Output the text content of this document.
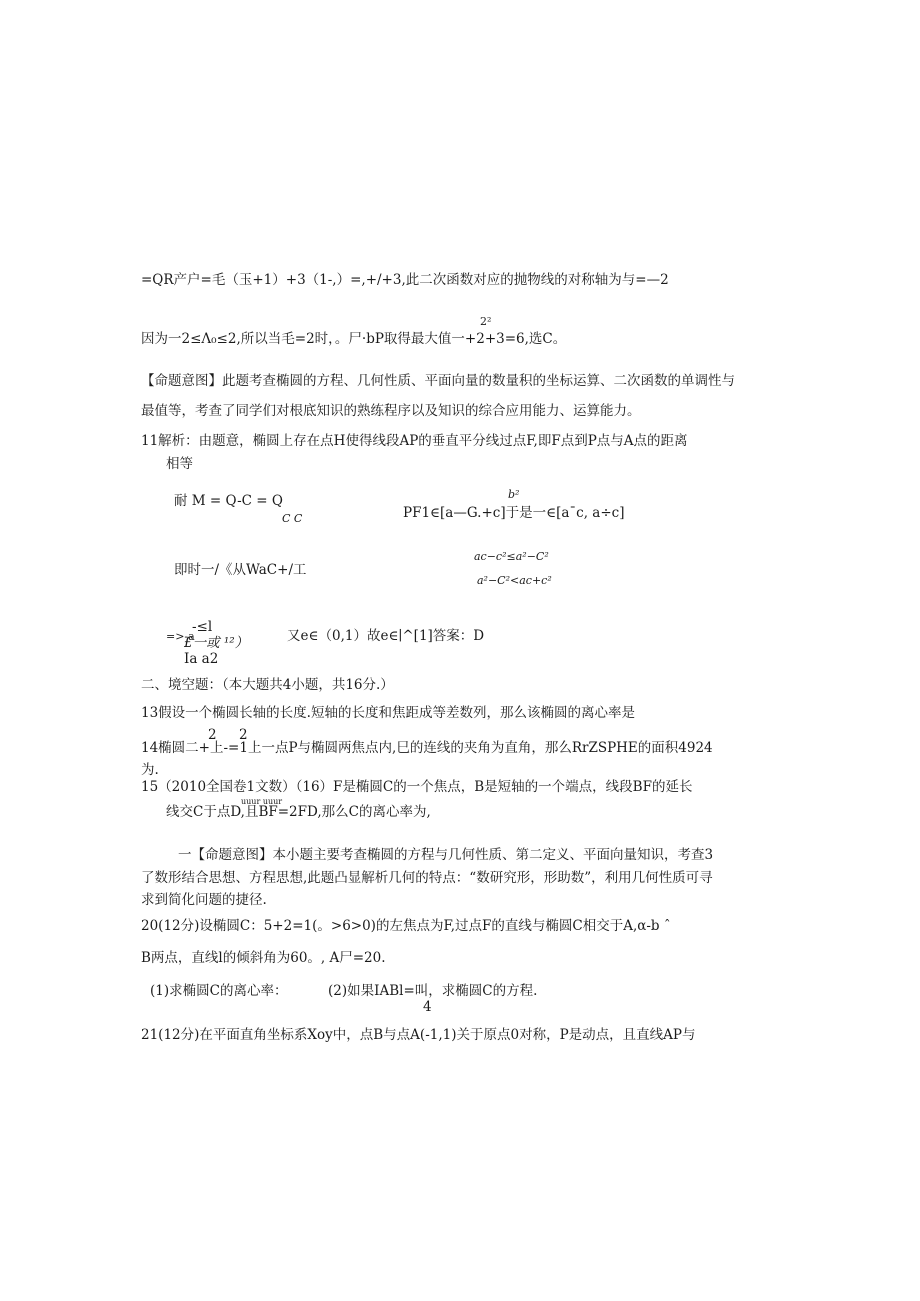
=QR产户=毛（玉+1）+3（1-,）=,+/+3,此二次函数对应的抛物线的对称轴为与=—2
2²
因为一2≤Λ₀≤2,所以当毛=2时，。尸·bP取得最大值一+2+3=6,选C。
【命题意图】此题考查椭圆的方程、几何性质、平面向量的数量积的坐标运算、二次函数的单调性与
最值等，考查了同学们对根底知识的熟练程序以及知识的综合应用能力、运算能力。
11解析：由题意，椭圆上存在点H使得线段AP的垂直平分线过点F,即F点到P点与A点的距离
相等
耐 M = Q-C = Q
C C
b²
PF1∈[a—G.+c]于是一∈[a¯c, a÷c]
即时一/《从WaC+/工
ac−c²≤a²−C²
a²−C²<ac+c²
-≤l
=>-a
£一或 ¹²）
Ia a2
又e∈（0,1）故e∈∣^[1]答案：D
二、境空题：（本大题共4小题，共16分.）
13假设一个椭圆长轴的长度.短轴的长度和焦距成等差数列，那么该椭圆的离心率是
2 2
14椭圆二+上-=1上一点P与椭圆两焦点内,巳的连线的夹角为直角，那么RrZSPHE的面积4924
为.
15（2010全国卷1文数）（16）F是椭圆C的一个焦点，B是短轴的一个端点，线段BF的延长
uuur uuur
线交C于点D,且BF=2FD,那么C的离心率为,
一【命题意图】本小题主要考查椭圆的方程与几何性质、第二定义、平面向量知识，考查3
了数形结合思想、方程思想,此题凸显解析几何的特点：“数研究形，形助数”，利用几何性质可寻
求到简化问题的捷径.
20(12分)设椭圆C：5+2=1(。>6>0)的左焦点为F,过点F的直线与椭圆C相交于A,α-b ˆ
B两点，直线l的倾斜角为60。, A尸=20.
(1)求椭圆C的离心率：	(2)如果IABl=叫，求椭圆C的方程.
4
21(12分)在平面直角坐标系Xoy中，点B与点A(-1,1)关于原点0对称，P是动点，且直线AP与
